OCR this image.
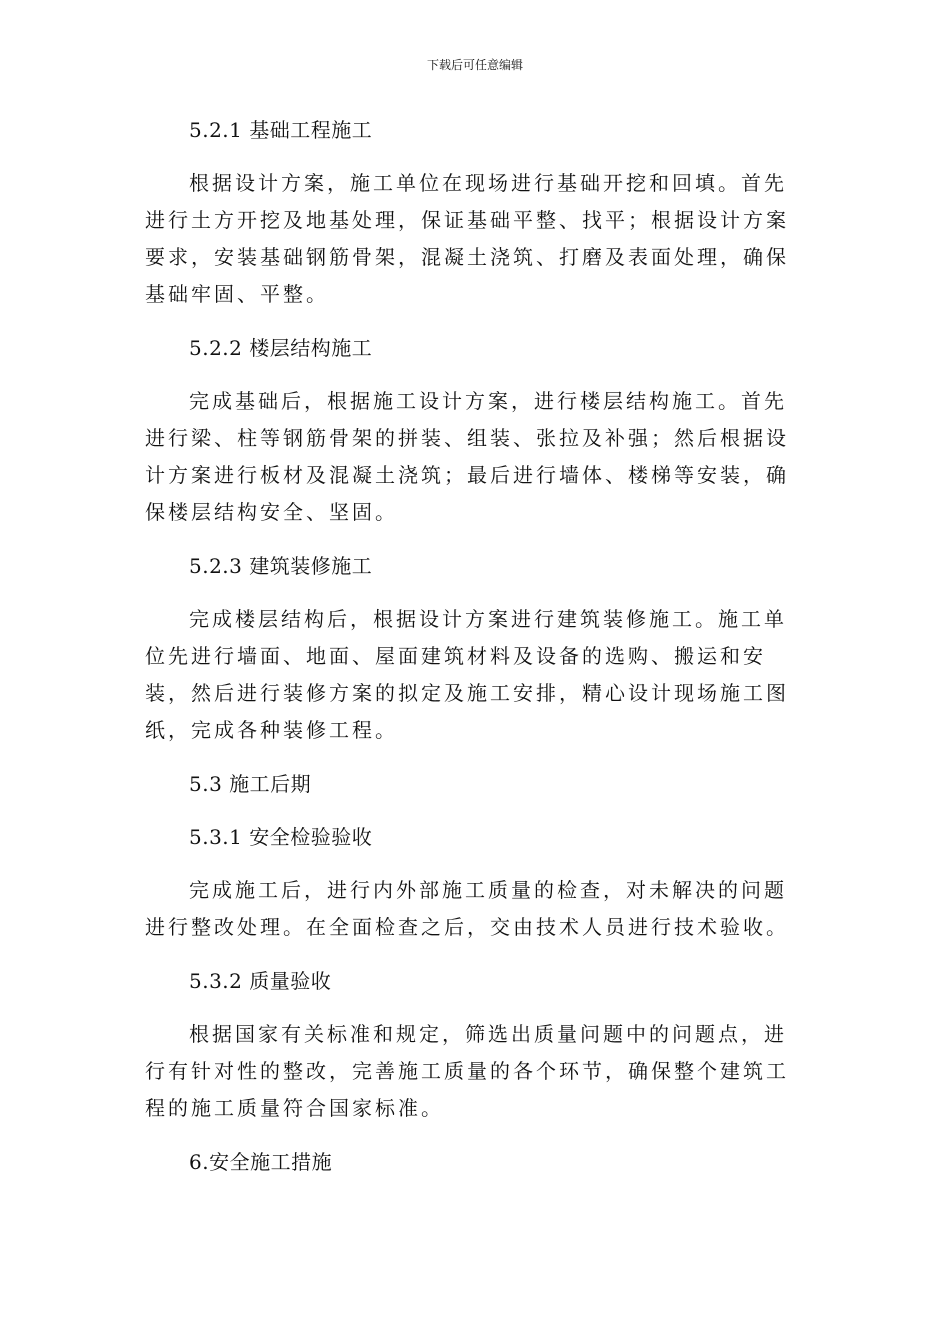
下载后可任意编辑

5.2.1 基础工程施工

根据设计方案，施工单位在现场进行基础开挖和回填。首先进行土方开挖及地基处理，保证基础平整、找平；根据设计方案要求，安装基础钢筋骨架，混凝土浇筑、打磨及表面处理，确保基础牢固、平整。

5.2.2 楼层结构施工

完成基础后，根据施工设计方案，进行楼层结构施工。首先进行梁、柱等钢筋骨架的拼装、组装、张拉及补强；然后根据设计方案进行板材及混凝土浇筑；最后进行墙体、楼梯等安装，确保楼层结构安全、坚固。

5.2.3 建筑装修施工

完成楼层结构后，根据设计方案进行建筑装修施工。施工单位先进行墙面、地面、屋面建筑材料及设备的选购、搬运和安装，然后进行装修方案的拟定及施工安排，精心设计现场施工图纸，完成各种装修工程。

5.3 施工后期

5.3.1 安全检验验收

完成施工后，进行内外部施工质量的检查，对未解决的问题进行整改处理。在全面检查之后，交由技术人员进行技术验收。

5.3.2 质量验收

根据国家有关标准和规定，筛选出质量问题中的问题点，进行有针对性的整改，完善施工质量的各个环节，确保整个建筑工程的施工质量符合国家标准。

6.安全施工措施
